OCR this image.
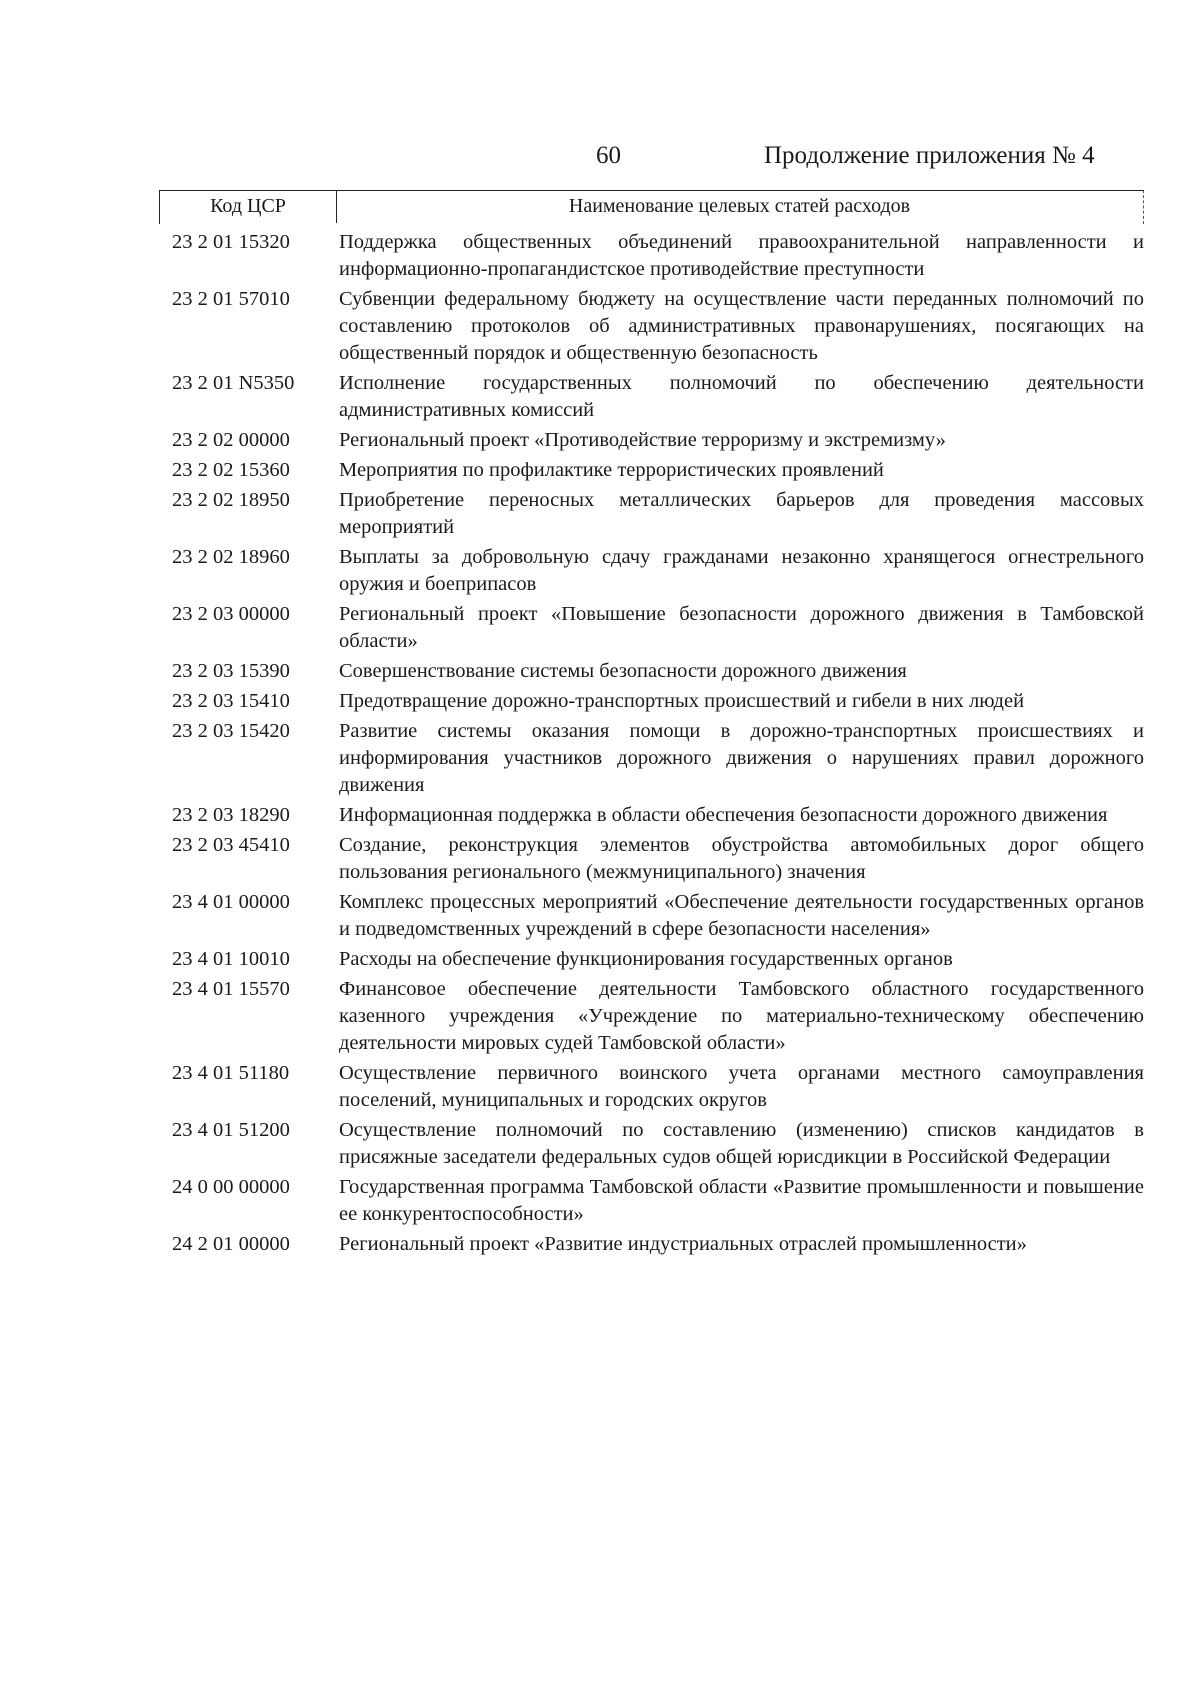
60	Продолжение приложения № 4
Код ЦСР	Наименование целевых статей расходов
23 2 01 15320	Поддержка общественных объединений правоохранительной направленности и информационно-пропагандистское противодействие преступности
23 2 01 57010	Субвенции федеральному бюджету на осуществление части переданных полномочий по составлению протоколов об административных правонарушениях, посягающих на общественный порядок и общественную безопасность
23 2 01 N5350	Исполнение государственных полномочий по обеспечению деятельности административных комиссий
23 2 02 00000	Региональный проект «Противодействие терроризму и экстремизму»
23 2 02 15360	Мероприятия по профилактике террористических проявлений
23 2 02 18950	Приобретение переносных металлических барьеров для проведения массовых мероприятий
23 2 02 18960	Выплаты за добровольную сдачу гражданами незаконно хранящегося огнестрельного оружия и боеприпасов
23 2 03 00000	Региональный проект «Повышение безопасности дорожного движения в Тамбовской области»
23 2 03 15390	Совершенствование системы безопасности дорожного движения
23 2 03 15410	Предотвращение дорожно-транспортных происшествий и гибели в них людей
23 2 03 15420	Развитие системы оказания помощи в дорожно-транспортных происшествиях и информирования участников дорожного движения о нарушениях правил дорожного движения
23 2 03 18290	Информационная поддержка в области обеспечения безопасности дорожного движения
23 2 03 45410	Создание, реконструкция элементов обустройства автомобильных дорог общего пользования регионального (межмуниципального) значения
23 4 01 00000	Комплекс процессных мероприятий «Обеспечение деятельности государственных органов и подведомственных учреждений в сфере безопасности населения»
23 4 01 10010	Расходы на обеспечение функционирования государственных органов
23 4 01 15570	Финансовое обеспечение деятельности Тамбовского областного государственного казенного учреждения «Учреждение по материально-техническому обеспечению деятельности мировых судей Тамбовской области»
23 4 01 51180	Осуществление первичного воинского учета органами местного самоуправления поселений, муниципальных и городских округов
23 4 01 51200	Осуществление полномочий по составлению (изменению) списков кандидатов в присяжные заседатели федеральных судов общей юрисдикции в Российской Федерации
24 0 00 00000	Государственная программа Тамбовской области «Развитие промышленности и повышение ее конкурентоспособности»
24 2 01 00000	Региональный проект «Развитие индустриальных отраслей промышленности»
